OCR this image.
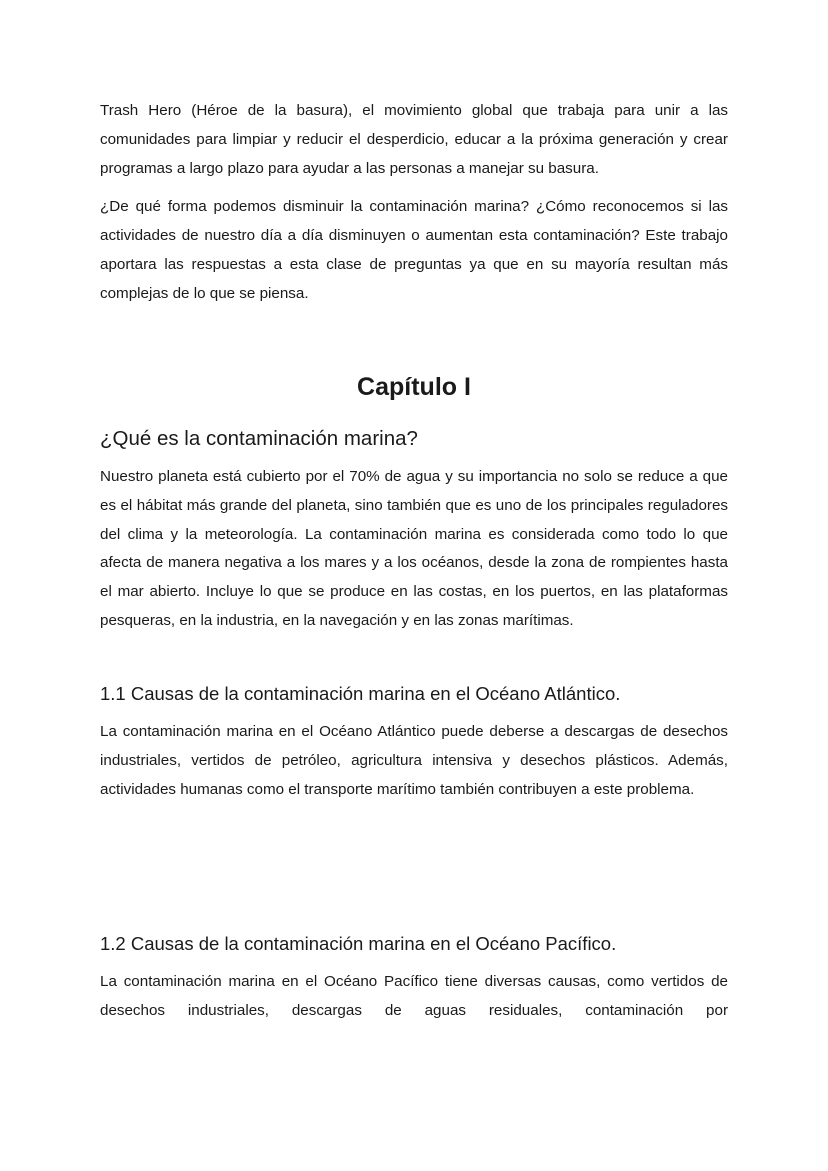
Trash Hero (Héroe de la basura), el movimiento global que trabaja para unir a las comunidades para limpiar y reducir el desperdicio, educar a la próxima generación y crear programas a largo plazo para ayudar a las personas a manejar su basura.

¿De qué forma podemos disminuir la contaminación marina? ¿Cómo reconocemos si las actividades de nuestro día a día disminuyen o aumentan esta contaminación? Este trabajo aportara las respuestas a esta clase de preguntas ya que en su mayoría resultan más complejas de lo que se piensa.

Capítulo I
¿Qué es la contaminación marina?

Nuestro planeta está cubierto por el 70% de agua y su importancia no solo se reduce a que es el hábitat más grande del planeta, sino también que es uno de los principales reguladores del clima y la meteorología. La contaminación marina es considerada como todo lo que afecta de manera negativa a los mares y a los océanos, desde la zona de rompientes hasta el mar abierto. Incluye lo que se produce en las costas, en los puertos, en las plataformas pesqueras, en la industria, en la navegación y en las zonas marítimas.

1.1 Causas de la contaminación marina en el Océano Atlántico.

La contaminación marina en el Océano Atlántico puede deberse a descargas de desechos industriales, vertidos de petróleo, agricultura intensiva y desechos plásticos. Además, actividades humanas como el transporte marítimo también contribuyen a este problema.

1.2 Causas de la contaminación marina en el Océano Pacífico.

La contaminación marina en el Océano Pacífico tiene diversas causas, como vertidos de desechos industriales, descargas de aguas residuales, contaminación por
